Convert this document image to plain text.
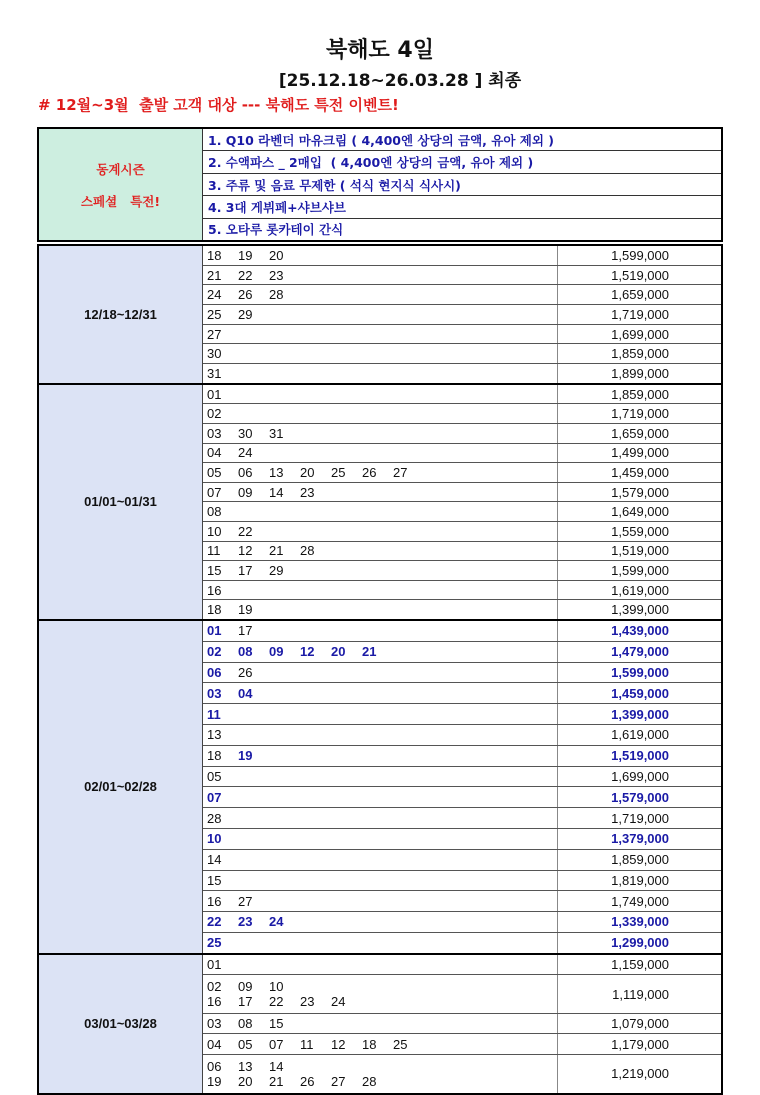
북해도 4일
[25.12.18~26.03.28 ] 최종
# 12월~3월  출발 고객 대상 --- 북해도 특전 이벤트!
동계시즌
스페셜   특전!
1. Q10 라벤더 마유크림 ( 4,400엔 상당의 금액, 유아 제외 )
2. 수액파스 _ 2매입  ( 4,400엔 상당의 금액, 유아 제외 )
3. 주류 및 음료 무제한 ( 석식 현지식 식사시)
4. 3대 게뷔페+샤브샤브
5. 오타루 롯카테이 간식
12/18~12/31
18 19 20	1,599,000
21 22 23	1,519,000
24 26 28	1,659,000
25 29	1,719,000
27	1,699,000
30	1,859,000
31	1,899,000
01/01~01/31
01	1,859,000
02	1,719,000
03 30 31	1,659,000
04 24	1,499,000
05 06 13 20 25 26 27	1,459,000
07 09 14 23	1,579,000
08	1,649,000
10 22	1,559,000
11 12 21 28	1,519,000
15 17 29	1,599,000
16	1,619,000
18 19	1,399,000
02/01~02/28
01 17	1,439,000
02 08 09 12 20 21	1,479,000
06 26	1,599,000
03 04	1,459,000
11	1,399,000
13	1,619,000
18 19	1,519,000
05	1,699,000
07	1,579,000
28	1,719,000
10	1,379,000
14	1,859,000
15	1,819,000
16 27	1,749,000
22 23 24	1,339,000
25	1,299,000
03/01~03/28
01	1,159,000
02 09 10
16 17 22 23 24	1,119,000
03 08 15	1,079,000
04 05 07 11 12 18 25	1,179,000
06 13 14
19 20 21 26 27 28	1,219,000
